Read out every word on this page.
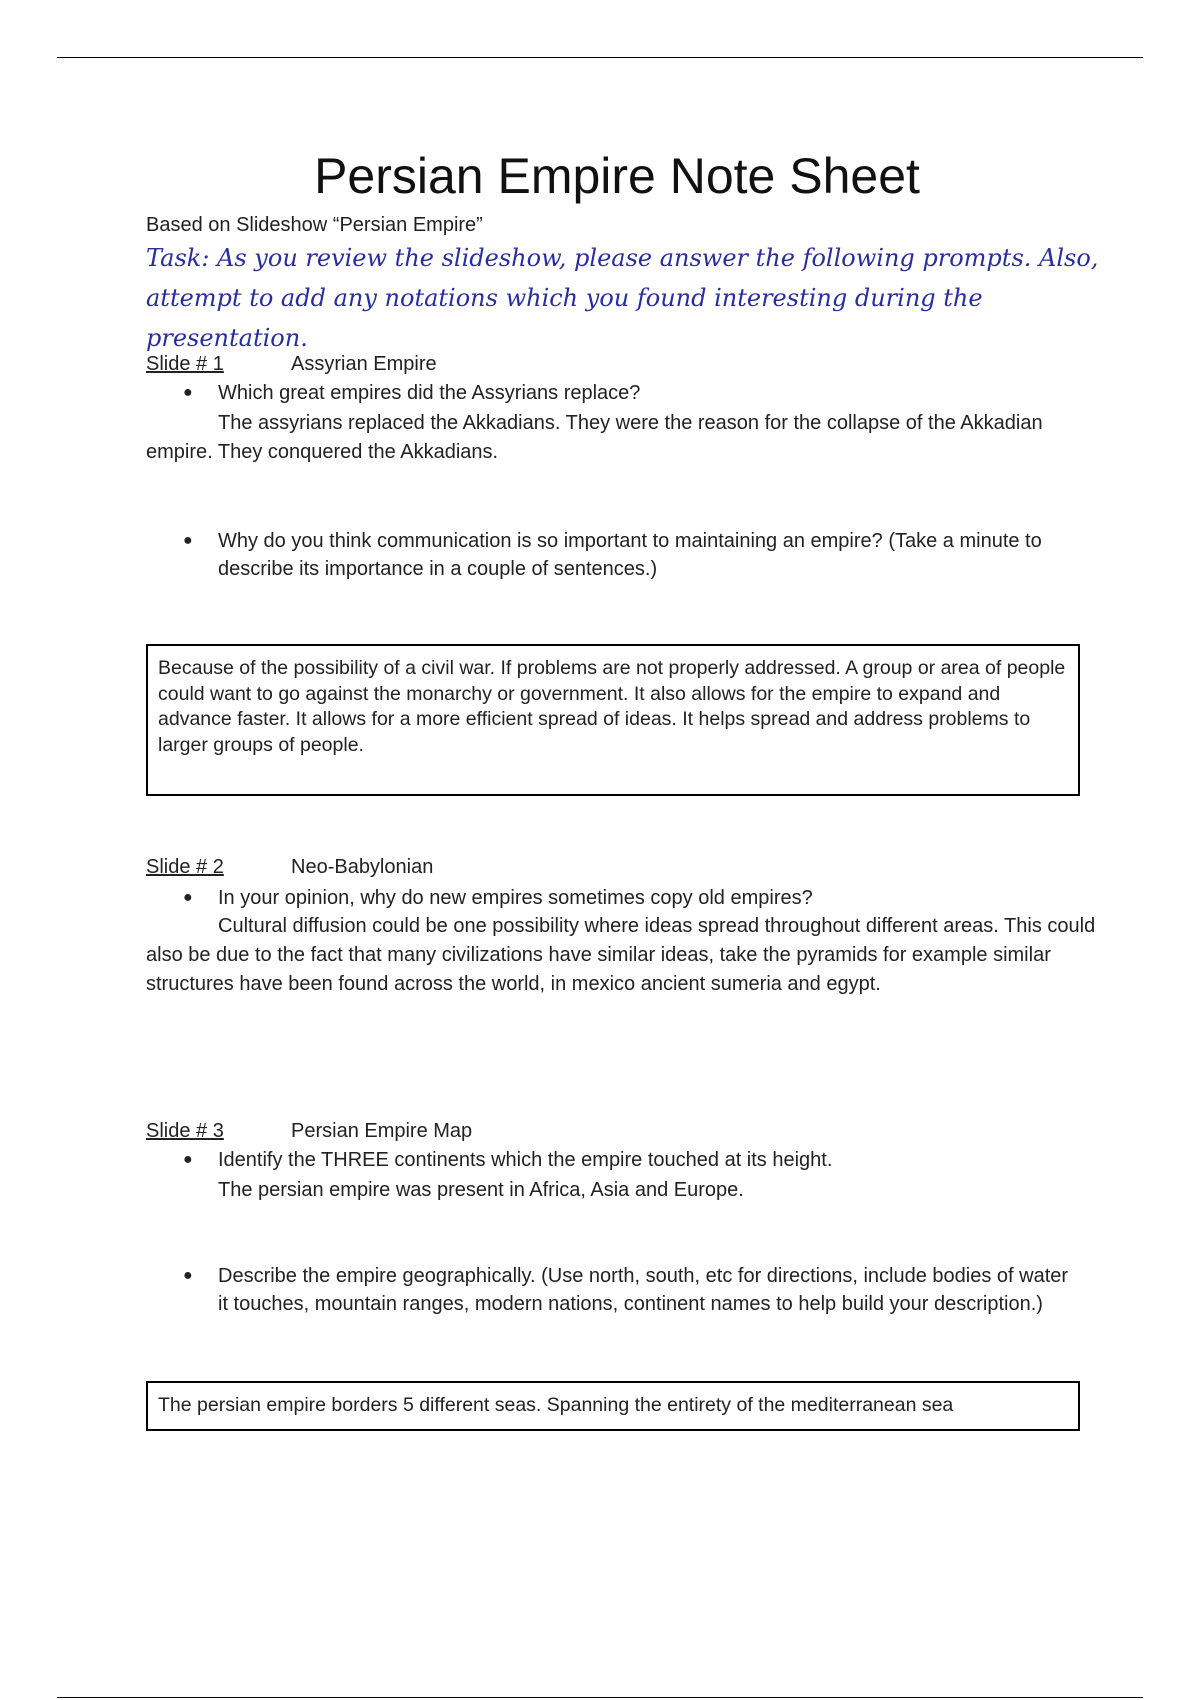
Persian Empire Note Sheet
Based on Slideshow “Persian Empire”
Task: As you review the slideshow, please answer the following prompts. Also, attempt to add any notations which you found interesting during the presentation.
Slide # 1	Assyrian Empire
● Which great empires did the Assyrians replace?
The assyrians replaced the Akkadians. They were the reason for the collapse of the Akkadian empire. They conquered the Akkadians.
● Why do you think communication is so important to maintaining an empire? (Take a minute to describe its importance in a couple of sentences.)
Because of the possibility of a civil war. If problems are not properly addressed. A group or area of people could want to go against the monarchy or government. It also allows for the empire to expand and advance faster. It allows for a more efficient spread of ideas. It helps spread and address problems to larger groups of people.
Slide # 2	Neo-Babylonian
● In your opinion, why do new empires sometimes copy old empires?
Cultural diffusion could be one possibility where ideas spread throughout different areas. This could also be due to the fact that many civilizations have similar ideas, take the pyramids for example similar structures have been found across the world, in mexico ancient sumeria and egypt.
Slide # 3	Persian Empire Map
● Identify the THREE continents which the empire touched at its height.
The persian empire was present in Africa, Asia and Europe.
● Describe the empire geographically. (Use north, south, etc for directions, include bodies of water it touches, mountain ranges, modern nations, continent names to help build your description.)
The persian empire borders 5 different seas. Spanning the entirety of the mediterranean sea
